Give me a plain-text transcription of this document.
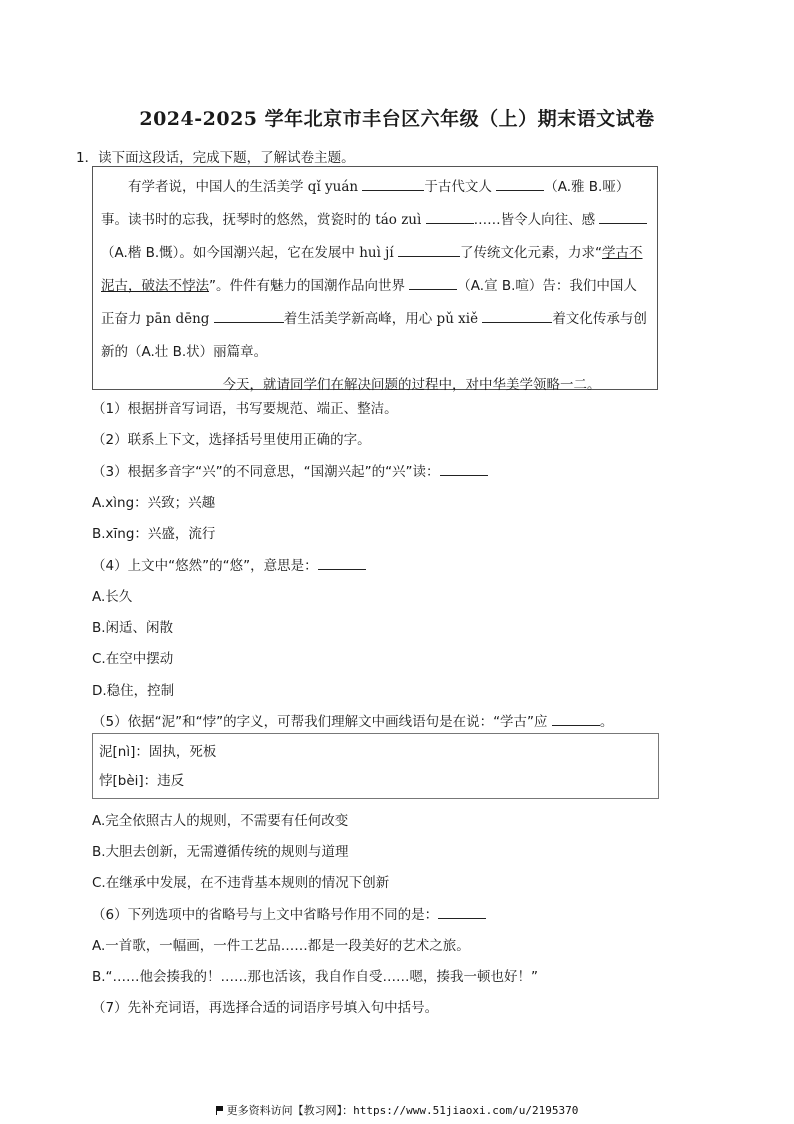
2024-2025 学年北京市丰台区六年级（上）期末语文试卷
1．读下面这段话，完成下题，了解试卷主题。

有学者说，中国人的生活美学 qǐ yuán	于古代文人	（A.雅 B.哑）事。读书时的忘我，抚琴时的悠然，赏瓷时的 táo zuì	……皆令人向往、感 （A.楷 B.慨）。如今国潮兴起，它在发展中 huì jí	了传统文化元素，力求“学古不泥古，破法不悖法”。件件有魅力的国潮作品向世界	（A.宣 B.喧）告：我们中国人正奋力 pān dēng	着生活美学新高峰，用心 pǔ xiě	着文化传承与创新的（A.壮 B.状）丽篇章。

今天，就请同学们在解决问题的过程中，对中华美学领略一二。

（1）根据拼音写词语，书写要规范、端正、整洁。
（2）联系上下文，选择括号里使用正确的字。
（3）根据多音字“兴”的不同意思，“国潮兴起”的“兴”读：
A.xìng：兴致；兴趣
B.xīng：兴盛，流行
（4）上文中“悠然”的“悠”，意思是：
A.长久
B.闲适、闲散
C.在空中摆动
D.稳住，控制
（5）依据“泥”和“悖”的字义，可帮我们理解文中画线语句是在说：“学古”应	。

泥[nì]：固执，死板

悖[bèi]：违反

A.完全依照古人的规则，不需要有任何改变
B.大胆去创新，无需遵循传统的规则与道理
C.在继承中发展，在不违背基本规则的情况下创新
（6）下列选项中的省略号与上文中省略号作用不同的是：
A.一首歌，一幅画，一件工艺品……都是一段美好的艺术之旅。
B.“……他会揍我的！……那也活该，我自作自受……嗯，揍我一顿也好！”
（7）先补充词语，再选择合适的词语序号填入句中括号。
更多资料访问【教习网】：https://www.51jiaoxi.com/u/2195370
